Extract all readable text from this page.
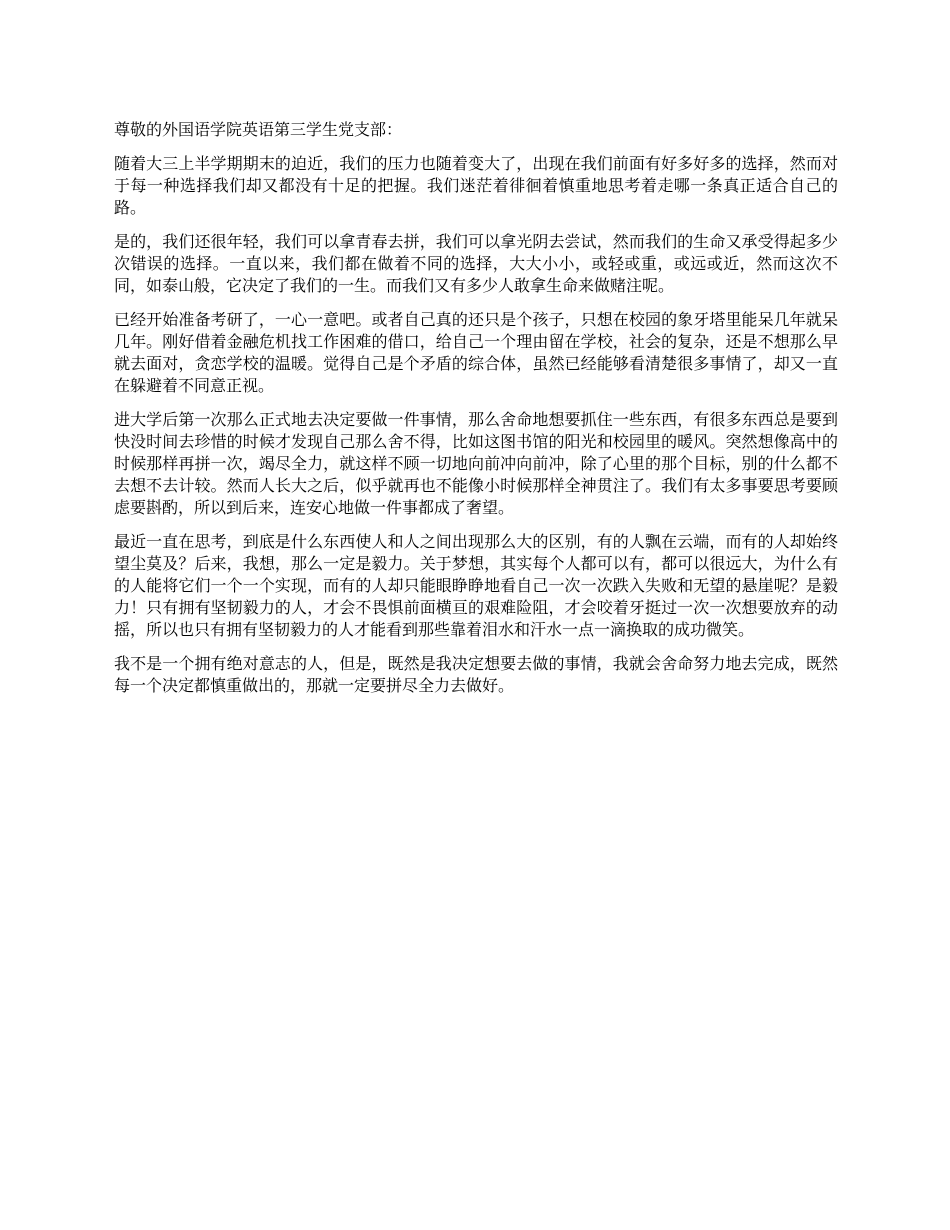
尊敬的外国语学院英语第三学生党支部：

随着大三上半学期期末的迫近，我们的压力也随着变大了，出现在我们前面有好多好多的选择，然而对于每一种选择我们却又都没有十足的把握。我们迷茫着徘徊着慎重地思考着走哪一条真正适合自己的路。

是的，我们还很年轻，我们可以拿青春去拼，我们可以拿光阴去尝试，然而我们的生命又承受得起多少次错误的选择。一直以来，我们都在做着不同的选择，大大小小，或轻或重，或远或近，然而这次不同，如泰山般，它决定了我们的一生。而我们又有多少人敢拿生命来做赌注呢。

已经开始准备考研了，一心一意吧。或者自己真的还只是个孩子，只想在校园的象牙塔里能呆几年就呆几年。刚好借着金融危机找工作困难的借口，给自己一个理由留在学校，社会的复杂，还是不想那么早就去面对，贪恋学校的温暖。觉得自己是个矛盾的综合体，虽然已经能够看清楚很多事情了，却又一直在躲避着不同意正视。

进大学后第一次那么正式地去决定要做一件事情，那么舍命地想要抓住一些东西，有很多东西总是要到快没时间去珍惜的时候才发现自己那么舍不得，比如这图书馆的阳光和校园里的暖风。突然想像高中的时候那样再拼一次，竭尽全力，就这样不顾一切地向前冲向前冲，除了心里的那个目标，别的什么都不去想不去计较。然而人长大之后，似乎就再也不能像小时候那样全神贯注了。我们有太多事要思考要顾虑要斟酌，所以到后来，连安心地做一件事都成了奢望。

最近一直在思考，到底是什么东西使人和人之间出现那么大的区别，有的人飘在云端，而有的人却始终望尘莫及？后来，我想，那么一定是毅力。关于梦想，其实每个人都可以有，都可以很远大，为什么有的人能将它们一个一个实现，而有的人却只能眼睁睁地看自己一次一次跌入失败和无望的悬崖呢？是毅力！只有拥有坚韧毅力的人，才会不畏惧前面横亘的艰难险阻，才会咬着牙挺过一次一次想要放弃的动摇，所以也只有拥有坚韧毅力的人才能看到那些靠着泪水和汗水一点一滴换取的成功微笑。

我不是一个拥有绝对意志的人，但是，既然是我决定想要去做的事情，我就会舍命努力地去完成，既然每一个决定都慎重做出的，那就一定要拼尽全力去做好。
